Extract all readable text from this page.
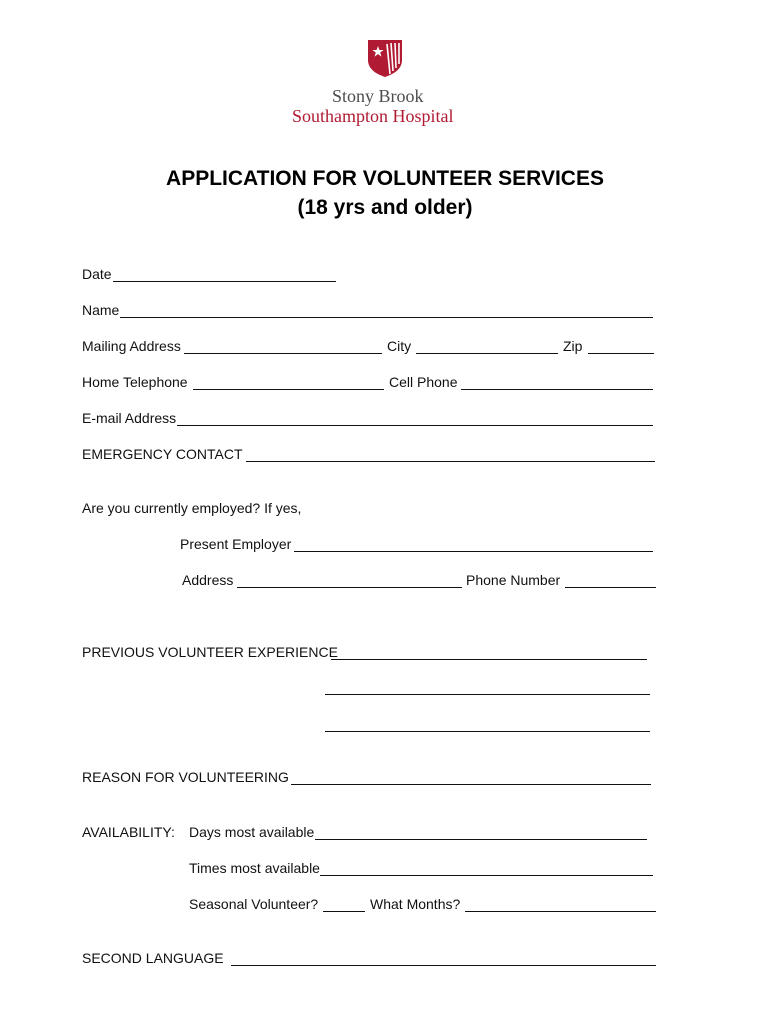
Stony Brook
Southampton Hospital
APPLICATION FOR VOLUNTEER SERVICES
(18 yrs and older)
Date
Name
Mailing Address	City	Zip
Home Telephone	Cell Phone
E-mail Address
EMERGENCY CONTACT
Are you currently employed? If yes,
Present Employer
Address	Phone Number
PREVIOUS VOLUNTEER EXPERIENCE
REASON FOR VOLUNTEERING
AVAILABILITY: Days most available
Times most available
Seasonal Volunteer?	What Months?
SECOND LANGUAGE
